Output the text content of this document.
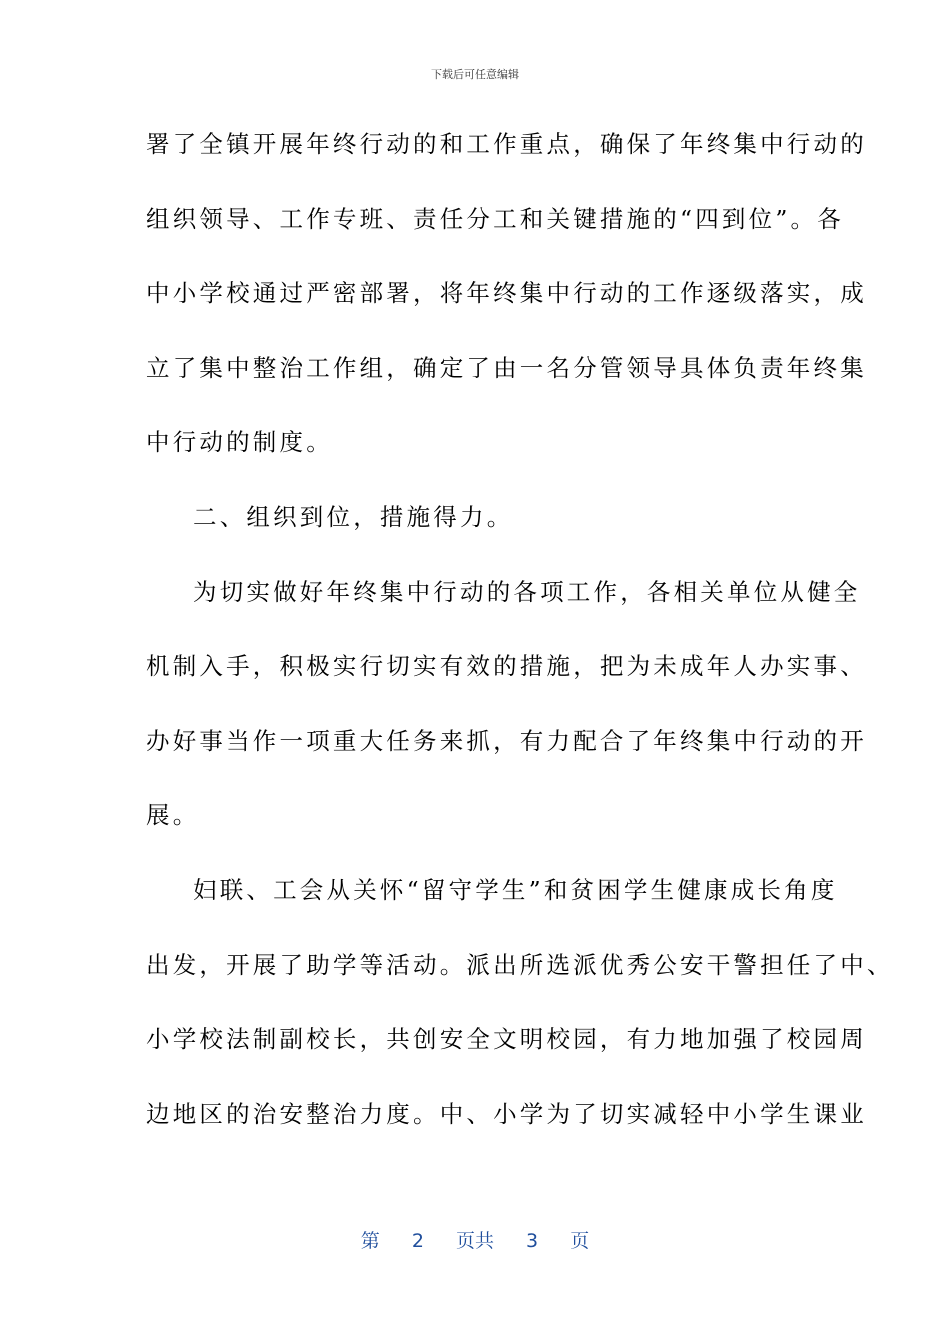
下载后可任意编辑
署了全镇开展年终行动的和工作重点，确保了年终集中行动的
组织领导、工作专班、责任分工和关键措施的“四到位”。各
中小学校通过严密部署，将年终集中行动的工作逐级落实，成
立了集中整治工作组，确定了由一名分管领导具体负责年终集
中行动的制度。
二、组织到位，措施得力。
为切实做好年终集中行动的各项工作，各相关单位从健全
机制入手，积极实行切实有效的措施，把为未成年人办实事、
办好事当作一项重大任务来抓，有力配合了年终集中行动的开
展。
妇联、工会从关怀“留守学生”和贫困学生健康成长角度
出发，开展了助学等活动。派出所选派优秀公安干警担任了中、
小学校法制副校长，共创安全文明校园，有力地加强了校园周
边地区的治安整治力度。中、小学为了切实减轻中小学生课业
第 2 页共 3 页
